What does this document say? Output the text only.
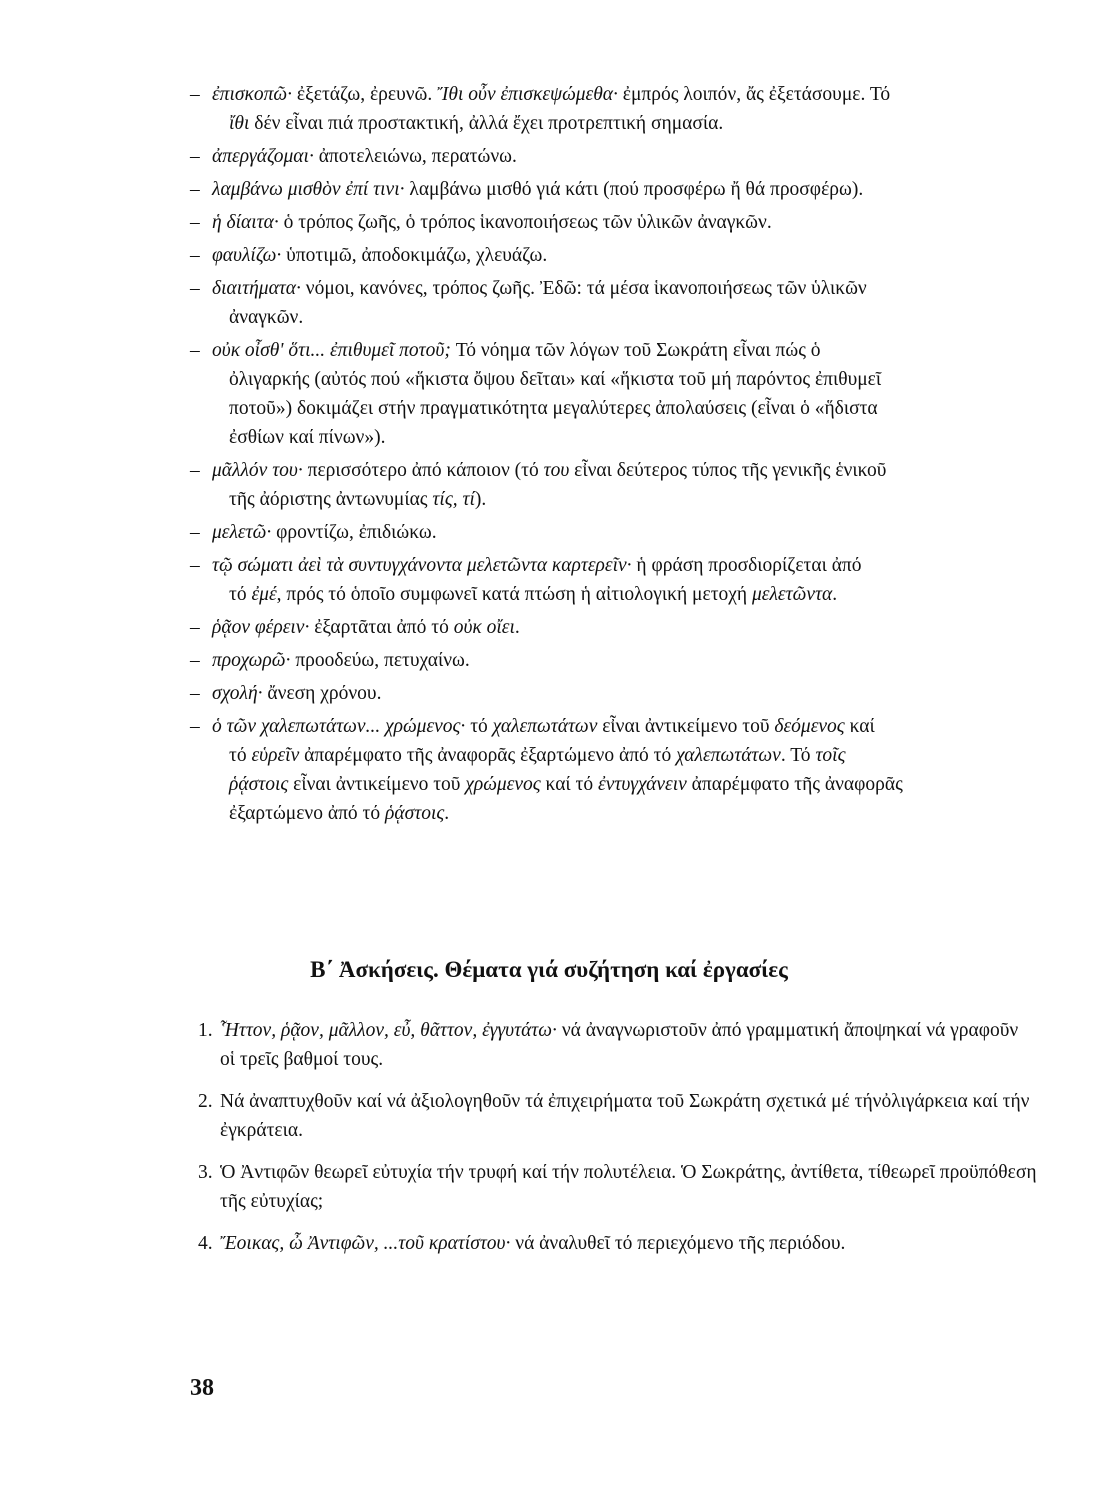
– ἐπισκοπῶ· ἐξετάζω, ἐρευνῶ. Ἴθι οὖν ἐπισκεψώμεθα· ἐμπρός λοιπόν, ἄς ἐξετάσουμε. Τό
ἴθι δέν εἶναι πιά προστακτική, ἀλλά ἔχει προτρεπτική σημασία.
– ἀπεργάζομαι· ἀποτελειώνω, περατώνω.
– λαμβάνω μισθὸν ἐπί τινι· λαμβάνω μισθό γιά κάτι (πού προσφέρω ἤ θά προσφέρω).
– ἡ δίαιτα· ὁ τρόπος ζωῆς, ὁ τρόπος ἱκανοποιήσεως τῶν ὑλικῶν ἀναγκῶν.
– φαυλίζω· ὑποτιμῶ, ἀποδοκιμάζω, χλευάζω.
– διαιτήματα· νόμοι, κανόνες, τρόπος ζωῆς. Ἐδῶ: τά μέσα ἱκανοποιήσεως τῶν ὑλικῶν
ἀναγκῶν.
– οὐκ οἶσθ' ὅτι... ἐπιθυμεῖ ποτοῦ; Τό νόημα τῶν λόγων τοῦ Σωκράτη εἶναι πώς ὁ
ὀλιγαρκής (αὐτός πού «ἥκιστα ὄψου δεῖται» καί «ἥκιστα τοῦ μή παρόντος ἐπιθυμεῖ
ποτοῦ») δοκιμάζει στήν πραγματικότητα μεγαλύτερες ἀπολαύσεις (εἶναι ὁ «ἥδιστα
ἐσθίων καί πίνων»).
– μᾶλλόν του· περισσότερο ἀπό κάποιον (τό του εἶναι δεύτερος τύπος τῆς γενικῆς ἑνικοῦ
τῆς ἀόριστης ἀντωνυμίας τίς, τί).
– μελετῶ· φροντίζω, ἐπιδιώκω.
– τῷ σώματι ἀεὶ τὰ συντυγχάνοντα μελετῶντα καρτερεῖν· ἡ φράση προσδιορίζεται ἀπό
τό ἐμέ, πρός τό ὁποῖο συμφωνεῖ κατά πτώση ἡ αἰτιολογική μετοχή μελετῶντα.
– ῥᾷον φέρειν· ἐξαρτᾶται ἀπό τό οὐκ οἴει.
– προχωρῶ· προοδεύω, πετυχαίνω.
– σχολή· ἄνεση χρόνου.
– ὁ τῶν χαλεπωτάτων... χρώμενος· τό χαλεπωτάτων εἶναι ἀντικείμενο τοῦ δεόμενος καί
τό εὑρεῖν ἀπαρέμφατο τῆς ἀναφορᾶς ἐξαρτώμενο ἀπό τό χαλεπωτάτων. Τό τοῖς
ῥᾴστοις εἶναι ἀντικείμενο τοῦ χρώμενος καί τό ἐντυγχάνειν ἀπαρέμφατο τῆς ἀναφορᾶς
ἐξαρτώμενο ἀπό τό ῥᾴστοις.
Β΄ Ἀσκήσεις. Θέματα γιά συζήτηση καί ἐργασίες
1. Ἧττον, ῥᾷον, μᾶλλον, εὖ, θᾶττον, ἐγγυτάτω· νά ἀναγνωριστοῦν ἀπό γραμματική ἄποψηκαί νά γραφοῦν οἱ τρεῖς βαθμοί τους.
2. Νά ἀναπτυχθοῦν καί νά ἀξιολογηθοῦν τά ἐπιχειρήματα τοῦ Σωκράτη σχετικά μέ τήνὀλιγάρκεια καί τήν ἐγκράτεια.
3. Ὁ Ἀντιφῶν θεωρεῖ εὐτυχία τήν τρυφή καί τήν πολυτέλεια. Ὁ Σωκράτης, ἀντίθετα, τίθεωρεῖ προϋπόθεση τῆς εὐτυχίας;
4. Ἔοικας, ὦ Ἀντιφῶν, ...τοῦ κρατίστου· νά ἀναλυθεῖ τό περιεχόμενο τῆς περιόδου.
38
